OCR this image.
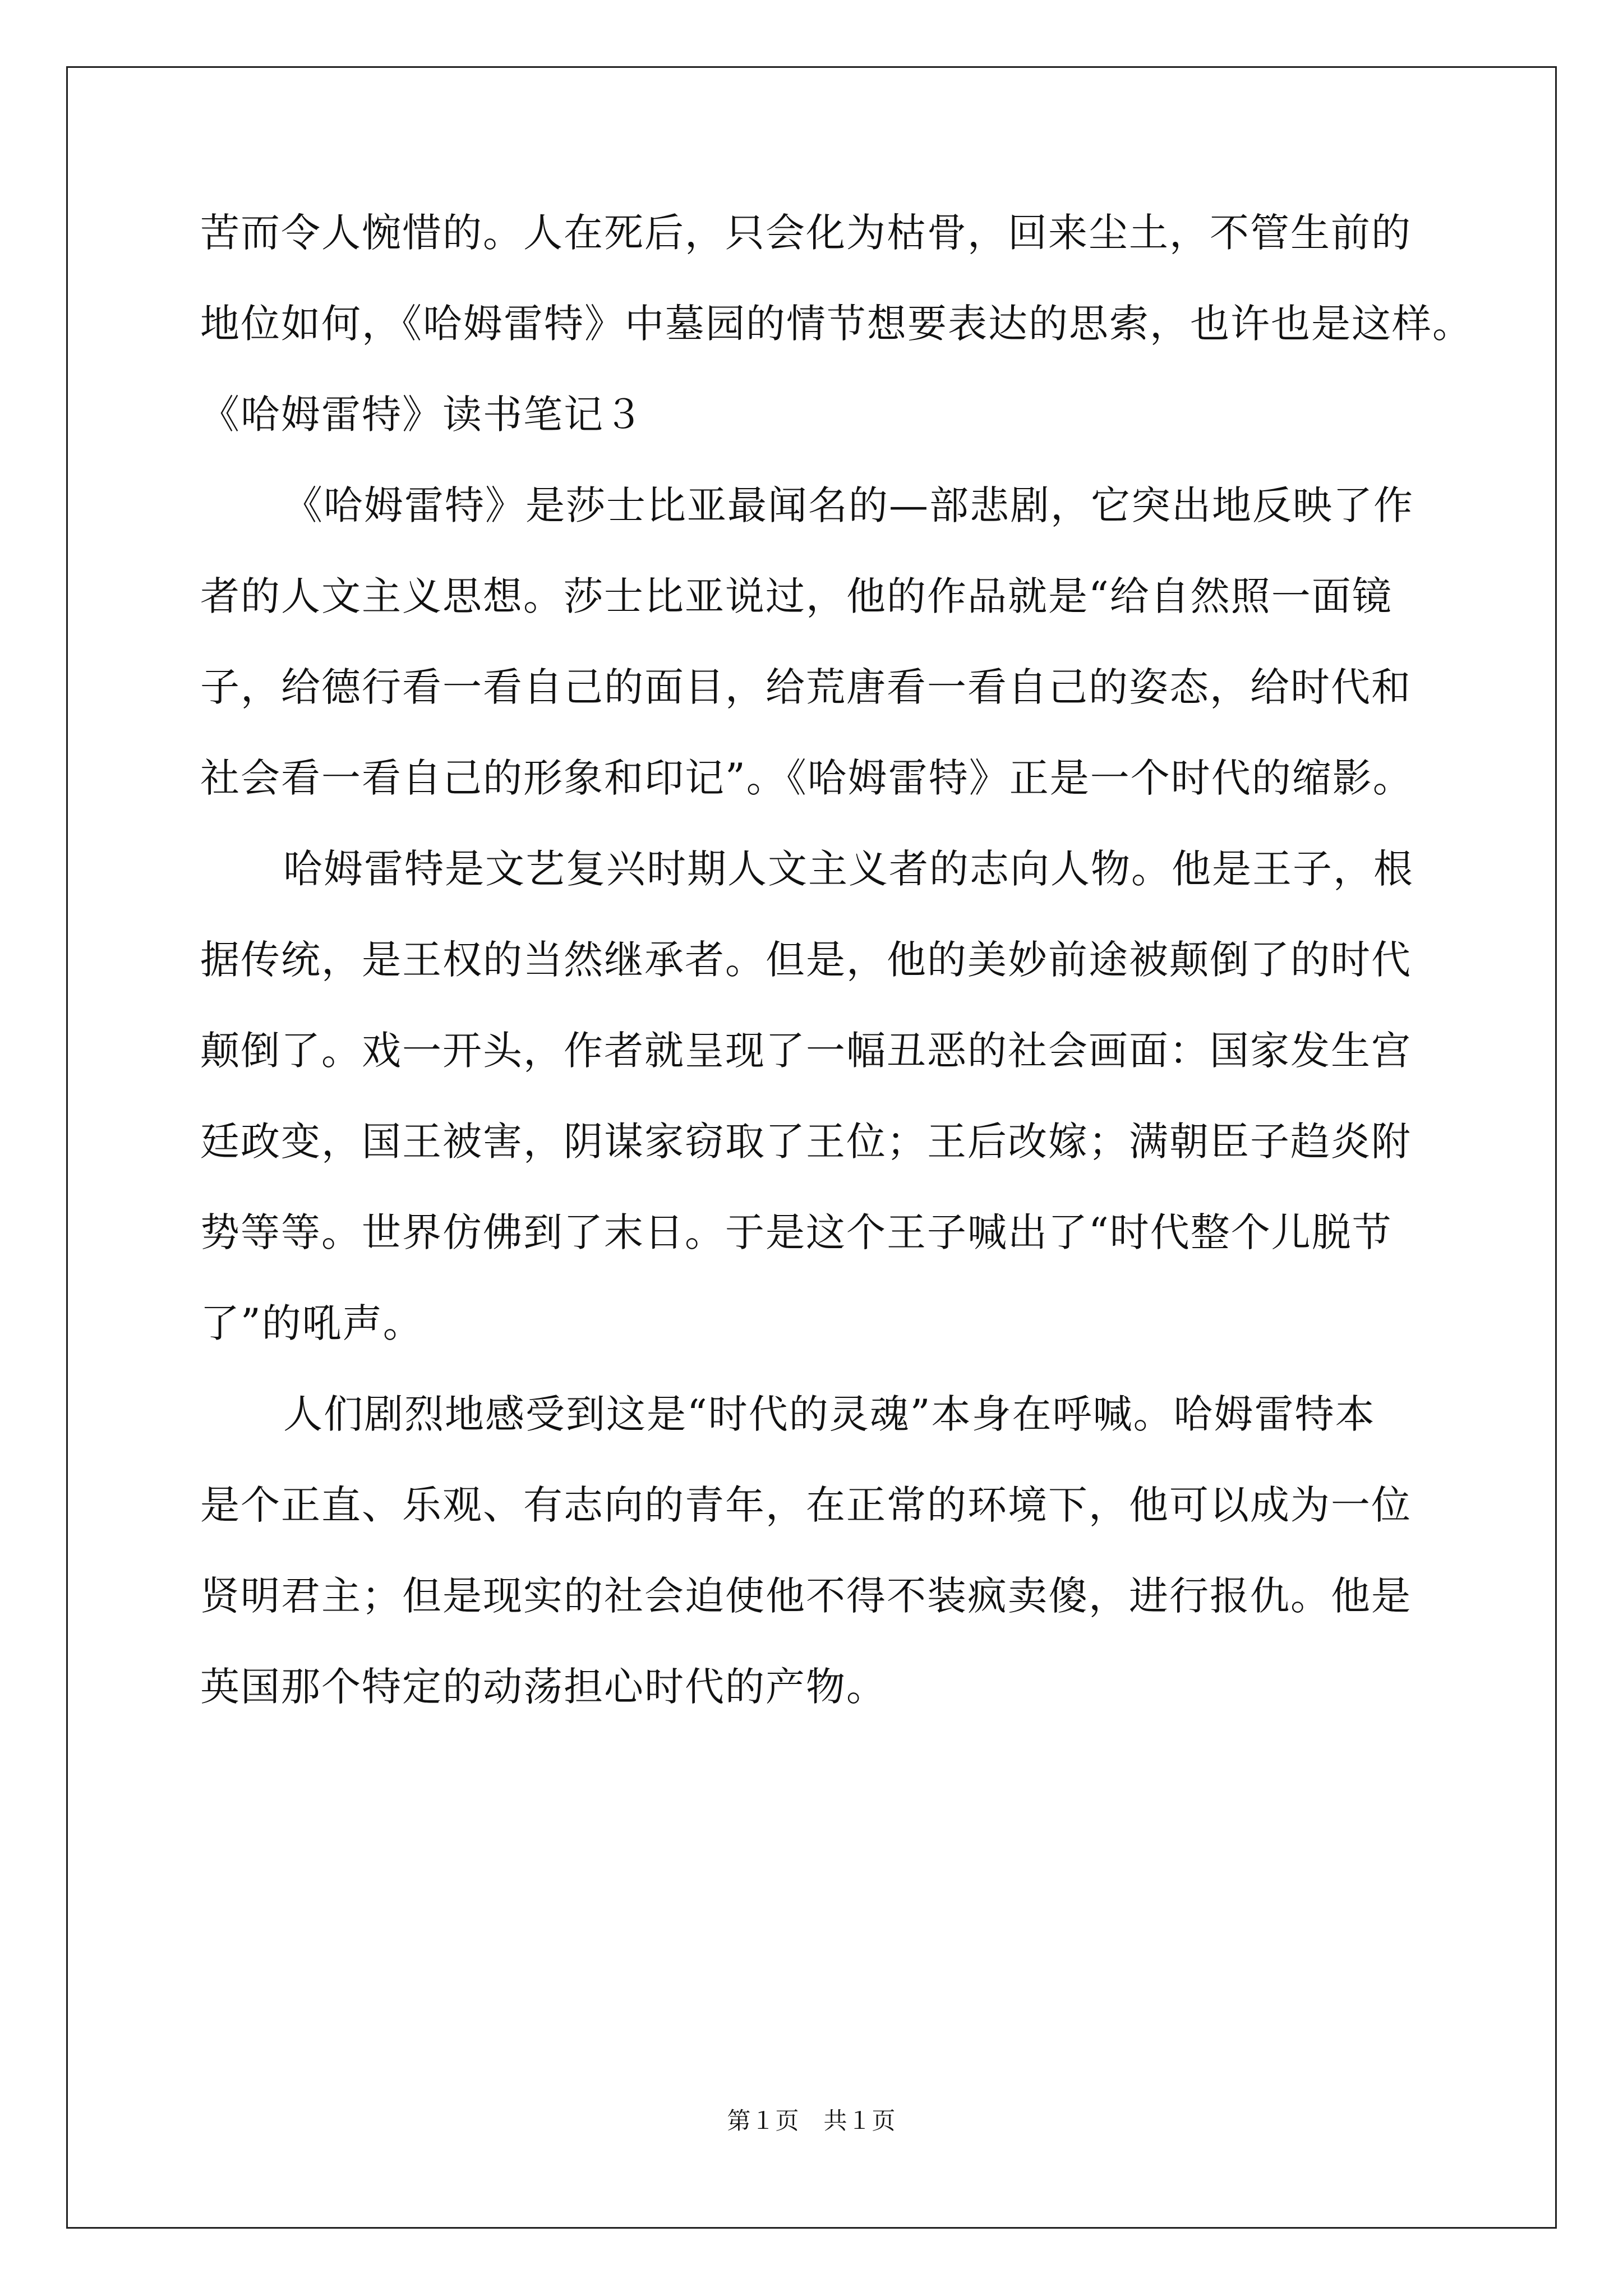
苦而令人惋惜的。人在死后，只会化为枯骨，回来尘土，不管生前的

地位如何，《哈姆雷特》中墓园的情节想要表达的思索，也许也是这样。

《哈姆雷特》读书笔记３

《哈姆雷特》是莎士比亚最闻名的—部悲剧，它突出地反映了作

者的人文主义思想。莎士比亚说过，他的作品就是“给自然照一面镜

子，给德行看一看自己的面目，给荒唐看一看自己的姿态，给时代和

社会看一看自己的形象和印记”。《哈姆雷特》正是一个时代的缩影。

哈姆雷特是文艺复兴时期人文主义者的志向人物。他是王子，根

据传统，是王权的当然继承者。但是，他的美妙前途被颠倒了的时代

颠倒了。戏一开头，作者就呈现了一幅丑恶的社会画面：国家发生宫

廷政变，国王被害，阴谋家窃取了王位；王后改嫁；满朝臣子趋炎附

势等等。世界仿佛到了末日。于是这个王子喊出了“时代整个儿脱节

了”的吼声。

人们剧烈地感受到这是“时代的灵魂”本身在呼喊。哈姆雷特本

是个正直、乐观、有志向的青年，在正常的环境下，他可以成为一位

贤明君主；但是现实的社会迫使他不得不装疯卖傻，进行报仇。他是

英国那个特定的动荡担心时代的产物。

第１页　共１页
